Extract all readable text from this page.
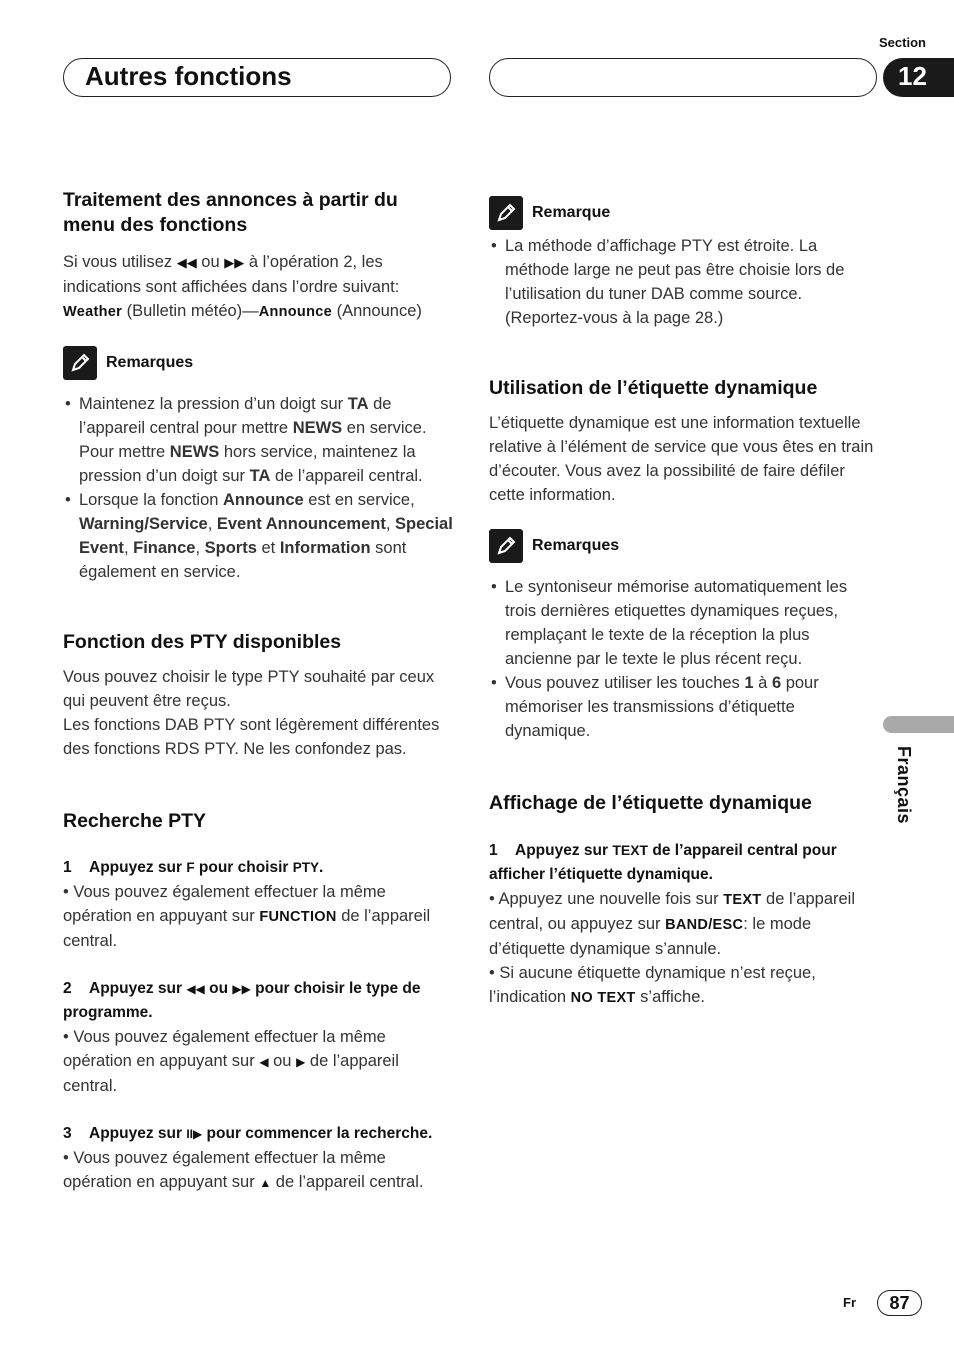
Autres fonctions
Section
12
Traitement des annonces à partir du menu des fonctions
Si vous utilisez ◀◀ ou ▶▶ à l’opération 2, les indications sont affichées dans l’ordre suivant:
Weather (Bulletin météo)—Announce (Announce)
Remarques
• Maintenez la pression d’un doigt sur TA de l’appareil central pour mettre NEWS en service. Pour mettre NEWS hors service, maintenez la pression d’un doigt sur TA de l’appareil central.
• Lorsque la fonction Announce est en service, Warning/Service, Event Announcement, Special Event, Finance, Sports et Information sont également en service.
Fonction des PTY disponibles
Vous pouvez choisir le type PTY souhaité par ceux qui peuvent être reçus.
Les fonctions DAB PTY sont légèrement différentes des fonctions RDS PTY. Ne les confondez pas.
Recherche PTY
1 Appuyez sur F pour choisir PTY.
• Vous pouvez également effectuer la même opération en appuyant sur FUNCTION de l’appareil central.
2 Appuyez sur ◀◀ ou ▶▶ pour choisir le type de programme.
• Vous pouvez également effectuer la même opération en appuyant sur ◀ ou ▶ de l’appareil central.
3 Appuyez sur II▶ pour commencer la recherche.
• Vous pouvez également effectuer la même opération en appuyant sur ▲ de l’appareil central.
Remarque
• La méthode d’affichage PTY est étroite. La méthode large ne peut pas être choisie lors de l’utilisation du tuner DAB comme source. (Reportez-vous à la page 28.)
Utilisation de l’étiquette dynamique
L’étiquette dynamique est une information textuelle relative à l’élément de service que vous êtes en train d’écouter. Vous avez la possibilité de faire défiler cette information.
Remarques
• Le syntoniseur mémorise automatiquement les trois dernières etiquettes dynamiques reçues, remplaçant le texte de la réception la plus ancienne par le texte le plus récent reçu.
• Vous pouvez utiliser les touches 1 à 6 pour mémoriser les transmissions d’étiquette dynamique.
Affichage de l’étiquette dynamique
1 Appuyez sur TEXT de l’appareil central pour afficher l’étiquette dynamique.
• Appuyez une nouvelle fois sur TEXT de l’appareil central, ou appuyez sur BAND/ESC: le mode d’étiquette dynamique s’annule.
• Si aucune étiquette dynamique n’est reçue, l’indication NO TEXT s’affiche.
Français
Fr	87
